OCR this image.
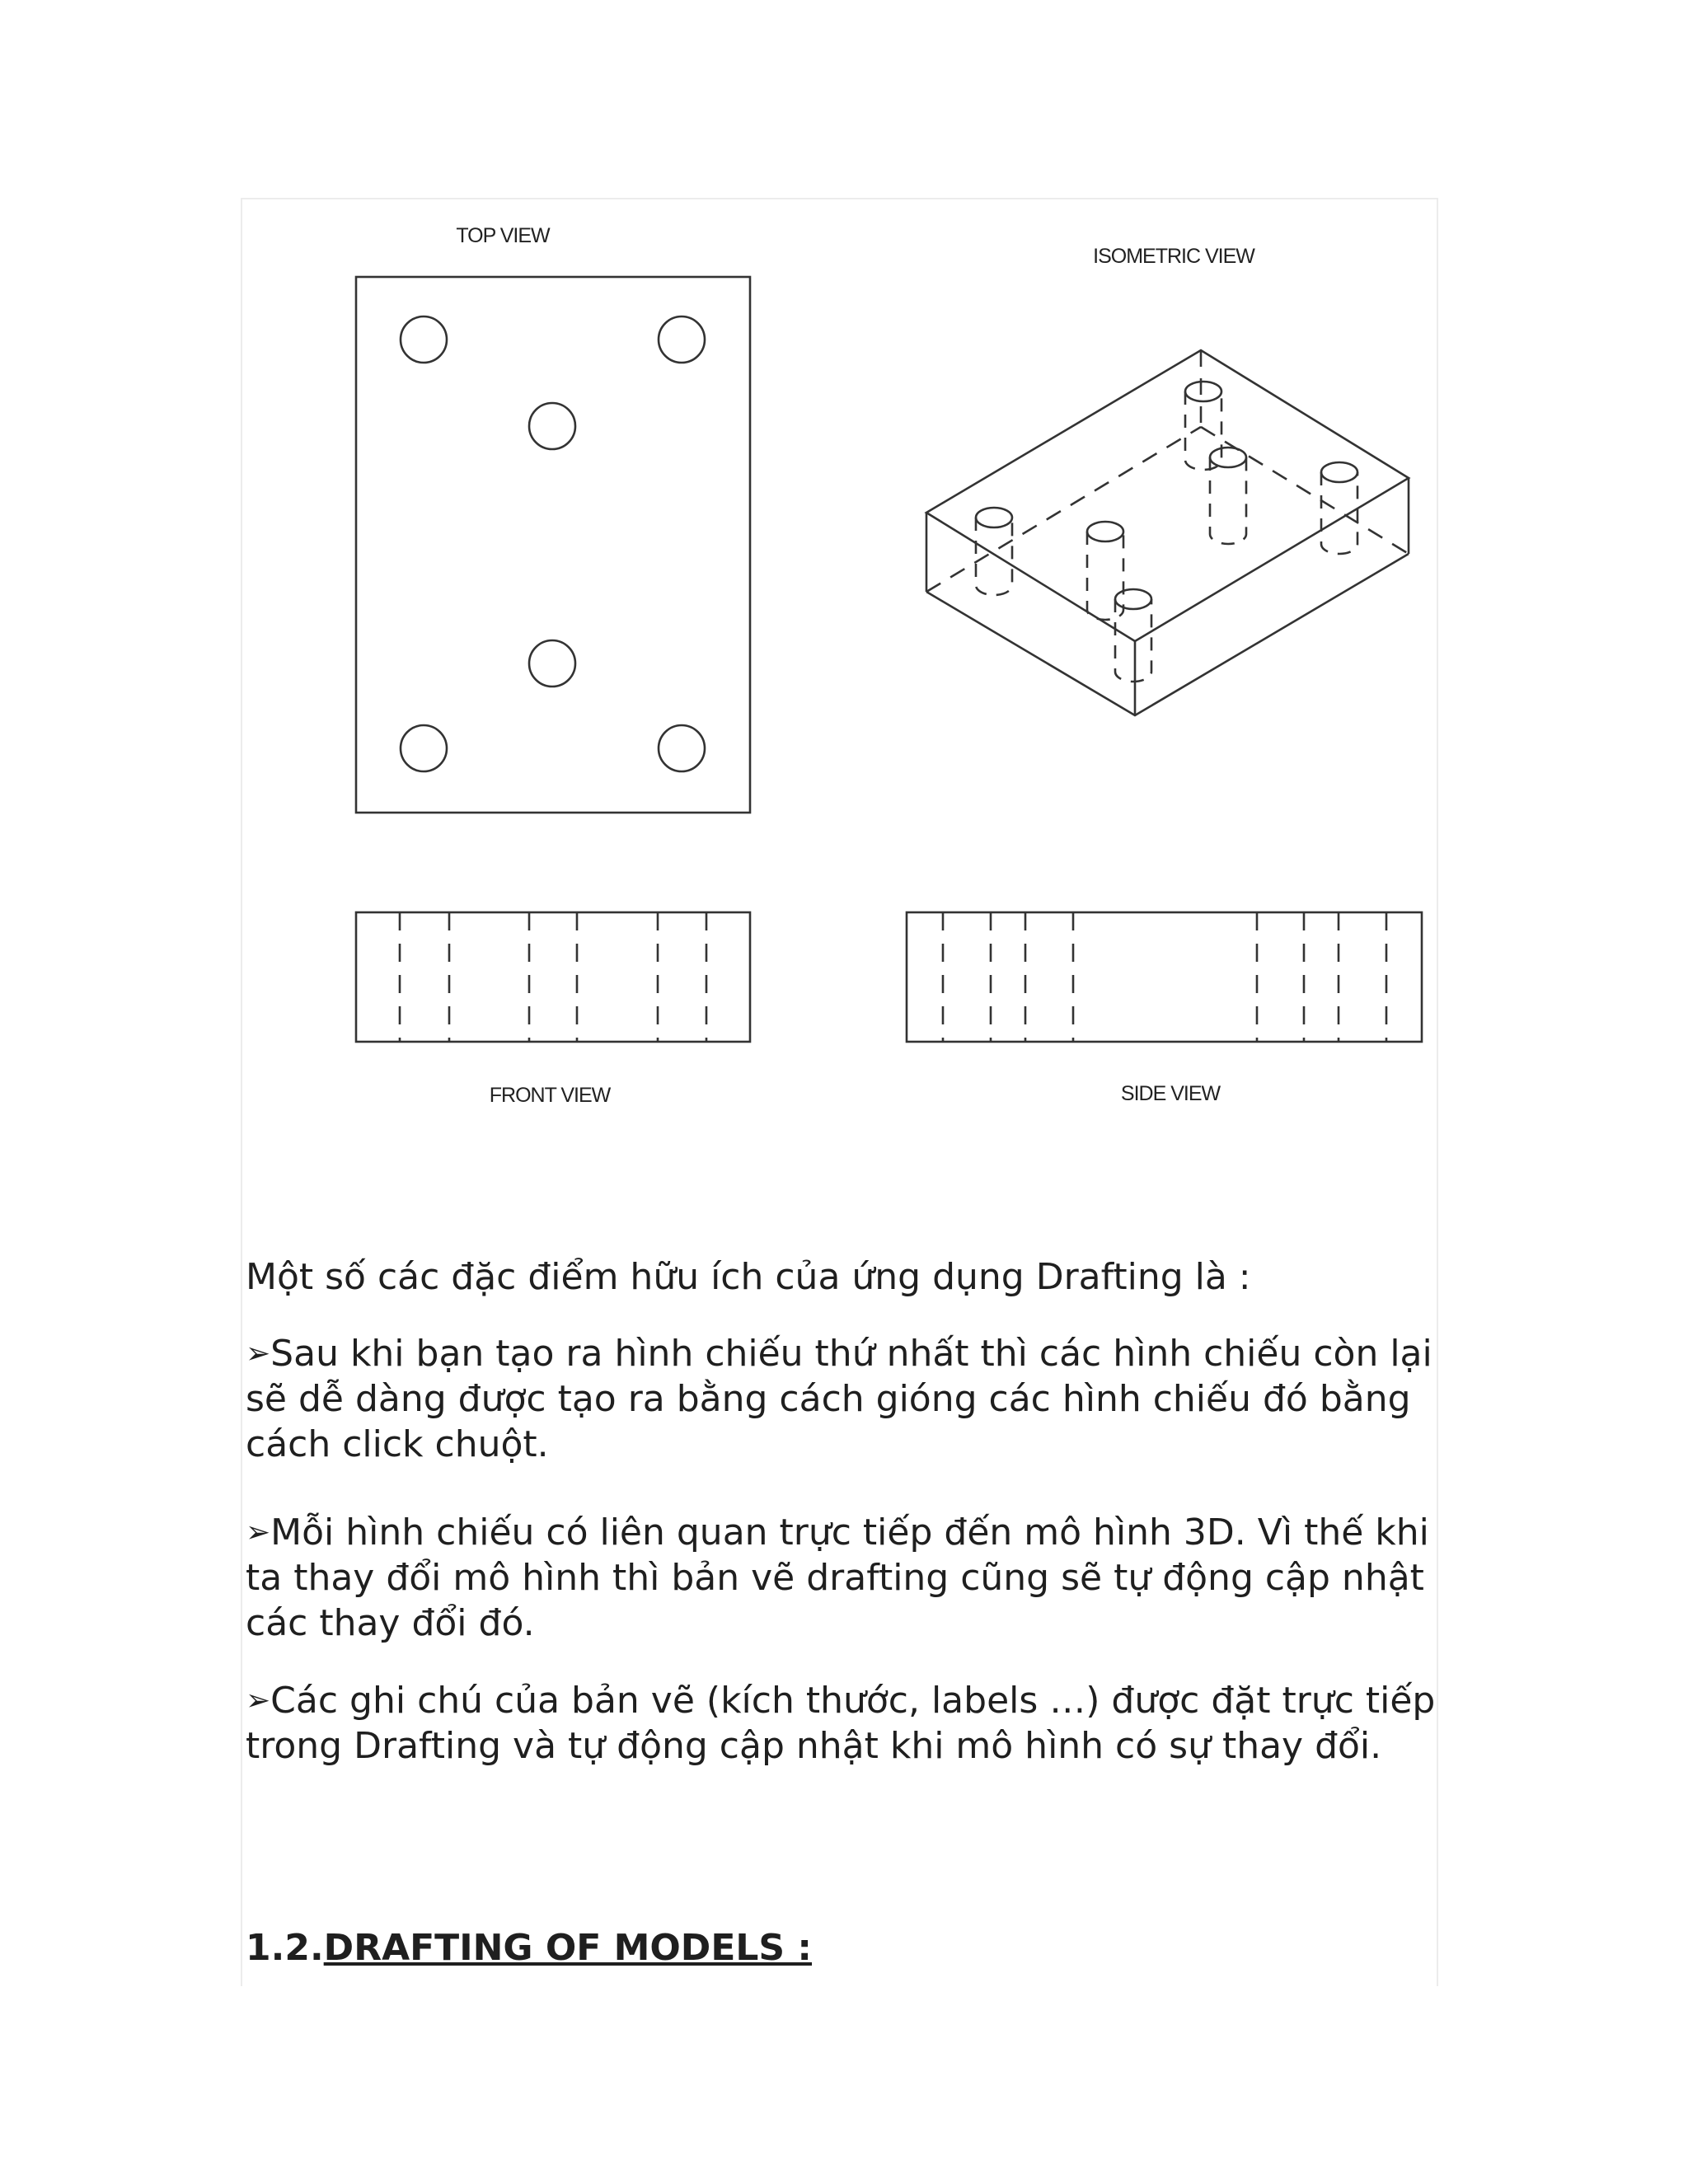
TOP VIEW
ISOMETRIC VIEW
FRONT VIEW	SIDE VIEW
Một số các đặc điểm hữu ích của ứng dụng Drafting là :
➢Sau khi bạn tạo ra hình chiếu thứ nhất thì các hình chiếu còn lại sẽ dễ dàng được tạo ra bằng cách gióng các hình chiếu đó bằng cách click chuột.
➢Mỗi hình chiếu có liên quan trực tiếp đến mô hình 3D. Vì thế khi ta thay đổi mô hình thì bản vẽ drafting cũng sẽ tự động cập nhật các thay đổi đó.
➢Các ghi chú của bản vẽ (kích thước, labels …) được đặt trực tiếp trong Drafting và tự động cập nhật khi mô hình có sự thay đổi.
1.2.DRAFTING OF MODELS :
